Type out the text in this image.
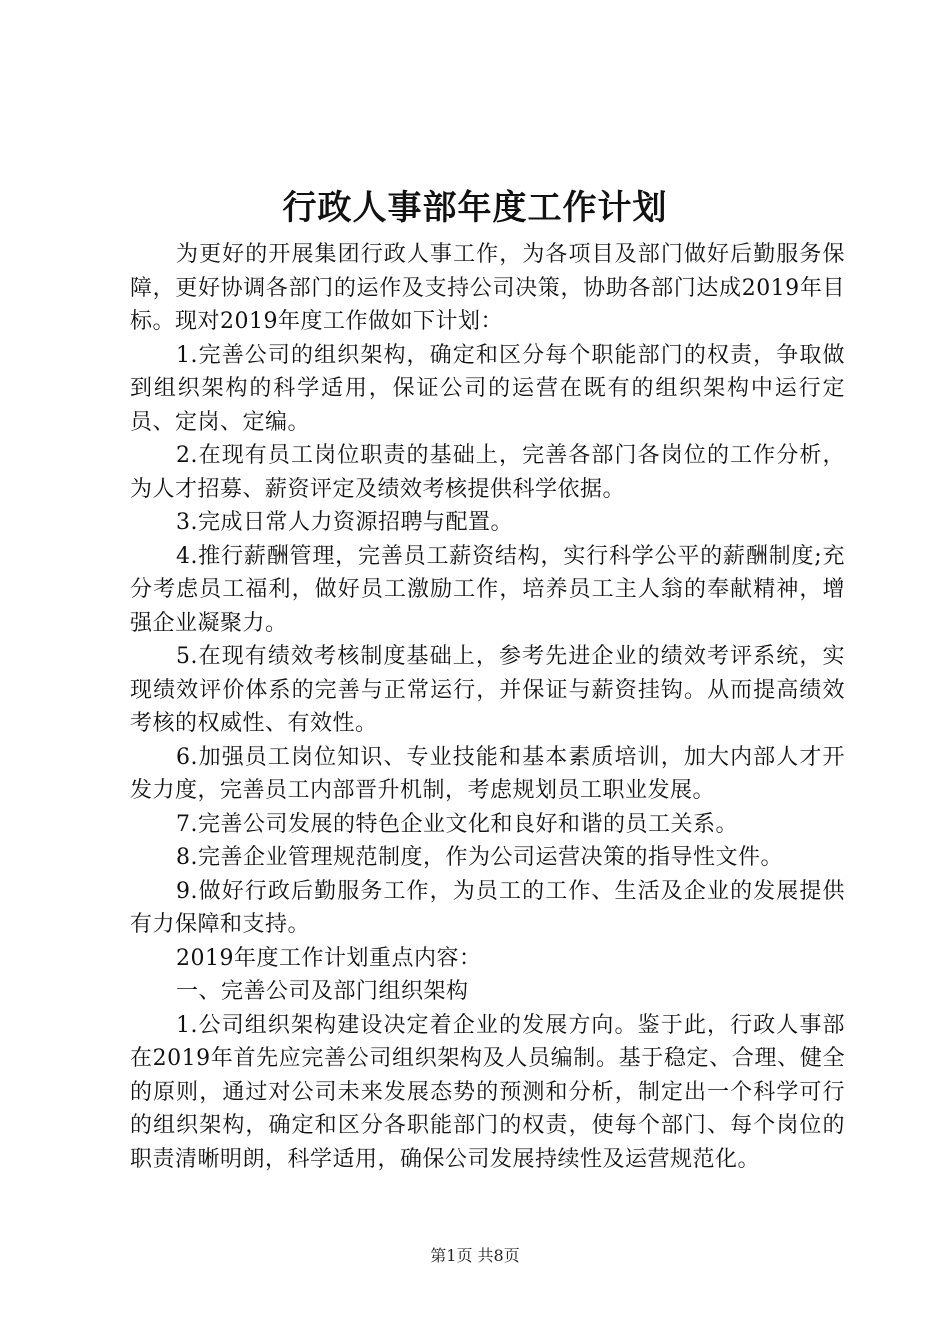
行政人事部年度工作计划

为更好的开展集团行政人事工作，为各项目及部门做好后勤服务保障，更好协调各部门的运作及支持公司决策，协助各部门达成2019年目标。现对2019年度工作做如下计划：

1.完善公司的组织架构，确定和区分每个职能部门的权责，争取做到组织架构的科学适用，保证公司的运营在既有的组织架构中运行定员、定岗、定编。

2.在现有员工岗位职责的基础上，完善各部门各岗位的工作分析，为人才招募、薪资评定及绩效考核提供科学依据。

3.完成日常人力资源招聘与配置。

4.推行薪酬管理，完善员工薪资结构，实行科学公平的薪酬制度;充分考虑员工福利，做好员工激励工作，培养员工主人翁的奉献精神，增强企业凝聚力。

5.在现有绩效考核制度基础上，参考先进企业的绩效考评系统，实现绩效评价体系的完善与正常运行，并保证与薪资挂钩。从而提高绩效考核的权威性、有效性。

6.加强员工岗位知识、专业技能和基本素质培训，加大内部人才开发力度，完善员工内部晋升机制，考虑规划员工职业发展。

7.完善公司发展的特色企业文化和良好和谐的员工关系。

8.完善企业管理规范制度，作为公司运营决策的指导性文件。

9.做好行政后勤服务工作，为员工的工作、生活及企业的发展提供有力保障和支持。

2019年度工作计划重点内容：

一、完善公司及部门组织架构

1.公司组织架构建设决定着企业的发展方向。鉴于此，行政人事部在2019年首先应完善公司组织架构及人员编制。基于稳定、合理、健全的原则，通过对公司未来发展态势的预测和分析，制定出一个科学可行的组织架构，确定和区分各职能部门的权责，使每个部门、每个岗位的职责清晰明朗，科学适用，确保公司发展持续性及运营规范化。

第1页 共8页
